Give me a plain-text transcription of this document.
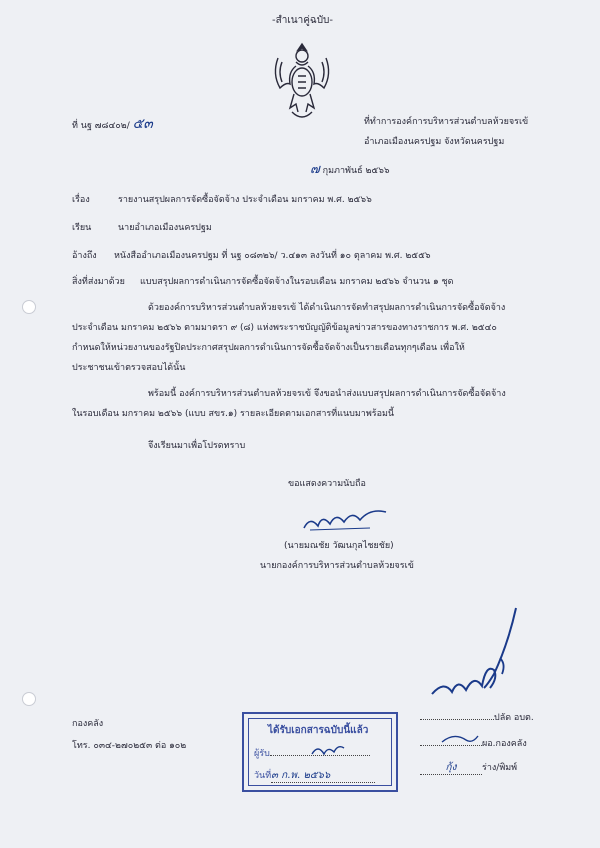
-สำเนาคู่ฉบับ-
ที่ นฐ ๗๘๔๐๒/ ๕๓	ที่ทำการองค์การบริหารส่วนตำบลห้วยจรเข้
อำเภอเมืองนครปฐม จังหวัดนครปฐม
๗ กุมภาพันธ์ ๒๕๖๖
เรื่อง	รายงานสรุปผลการจัดซื้อจัดจ้าง ประจำเดือน มกราคม พ.ศ. ๒๕๖๖
เรียน	นายอำเภอเมืองนครปฐม
อ้างถึง หนังสืออำเภอเมืองนครปฐม ที่ นฐ ๐๘๓๒๖/ ว.๔๑๓ ลงวันที่ ๑๐ ตุลาคม พ.ศ. ๒๕๕๖
สิ่งที่ส่งมาด้วย แบบสรุปผลการดำเนินการจัดซื้อจัดจ้างในรอบเดือน มกราคม ๒๕๖๖ จำนวน ๑ ชุด
ด้วยองค์การบริหารส่วนตำบลห้วยจรเข้ ได้ดำเนินการจัดทำสรุปผลการดำเนินการจัดซื้อจัดจ้าง
ประจำเดือน มกราคม ๒๕๖๖ ตามมาตรา ๙ (๘) แห่งพระราชบัญญัติข้อมูลข่าวสารของทางราชการ พ.ศ. ๒๕๔๐
กำหนดให้หน่วยงานของรัฐปิดประกาศสรุปผลการดำเนินการจัดซื้อจัดจ้างเป็นรายเดือนทุกๆเดือน เพื่อให้
ประชาชนเข้าตรวจสอบได้นั้น
พร้อมนี้ องค์การบริหารส่วนตำบลห้วยจรเข้ จึงขอนำส่งแบบสรุปผลการดำเนินการจัดซื้อจัดจ้าง
ในรอบเดือน มกราคม ๒๕๖๖ (แบบ สขร.๑) รายละเอียดตามเอกสารที่แนบมาพร้อมนี้
จึงเรียนมาเพื่อโปรดทราบ
ขอแสดงความนับถือ
(นายมณชัย วัฒนกุลไชยชัย)
นายกองค์การบริหารส่วนตำบลห้วยจรเข้
กองคลัง
โทร. ๐๓๔-๒๗๐๒๕๓ ต่อ ๑๐๒
ได้รับเอกสารฉบับนี้แล้ว
ผู้รับ
วันที่๓ ก.พ. ๒๕๖๖
ปลัด อบต.
ผอ.กองคลัง
กุ้ง	ร่าง/พิมพ์
